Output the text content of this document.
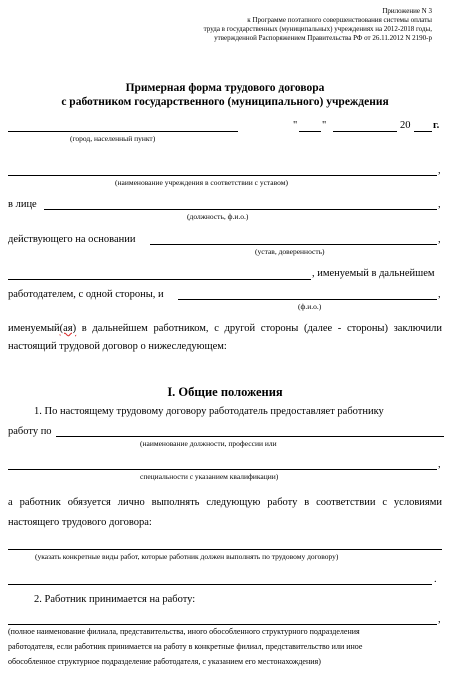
Приложение N 3
к Программе поэтапного совершенствования системы оплаты
труда в государственных (муниципальных) учреждениях на 2012-2018 годы,
утвержденной Распоряжением Правительства РФ от 26.11.2012 N 2190-р
Примерная форма трудового договора
с работником государственного (муниципального) учреждения
(город, населенный пункт)
" "	20 г.
,
(наименование учреждения в соответствии с уставом)
в лице	,
(должность, ф.и.о.)
действующего на основании	,
(устав, доверенность)
, именуемый в дальнейшем
работодателем, с одной стороны, и	,
(ф.и.о.)
именуемый(ая) в дальнейшем работником, с другой стороны (далее - стороны) заключили
настоящий трудовой договор о нижеследующем:
I. Общие положения
1. По настоящему трудовому договору работодатель предоставляет работнику
работу по
(наименование должности, профессии или
,
специальности с указанием квалификации)
а работник обязуется лично выполнять следующую работу в соответствии с условиями
настоящего трудового договора:
(указать конкретные виды работ, которые работник должен выполнять по трудовому договору)
.
2. Работник принимается на работу:
,
(полное наименование филиала, представительства, иного обособленного структурного подразделения
работодателя, если работник принимается на работу в конкретные филиал, представительство или иное
обособленное структурное подразделение работодателя, с указанием его местонахождения)
